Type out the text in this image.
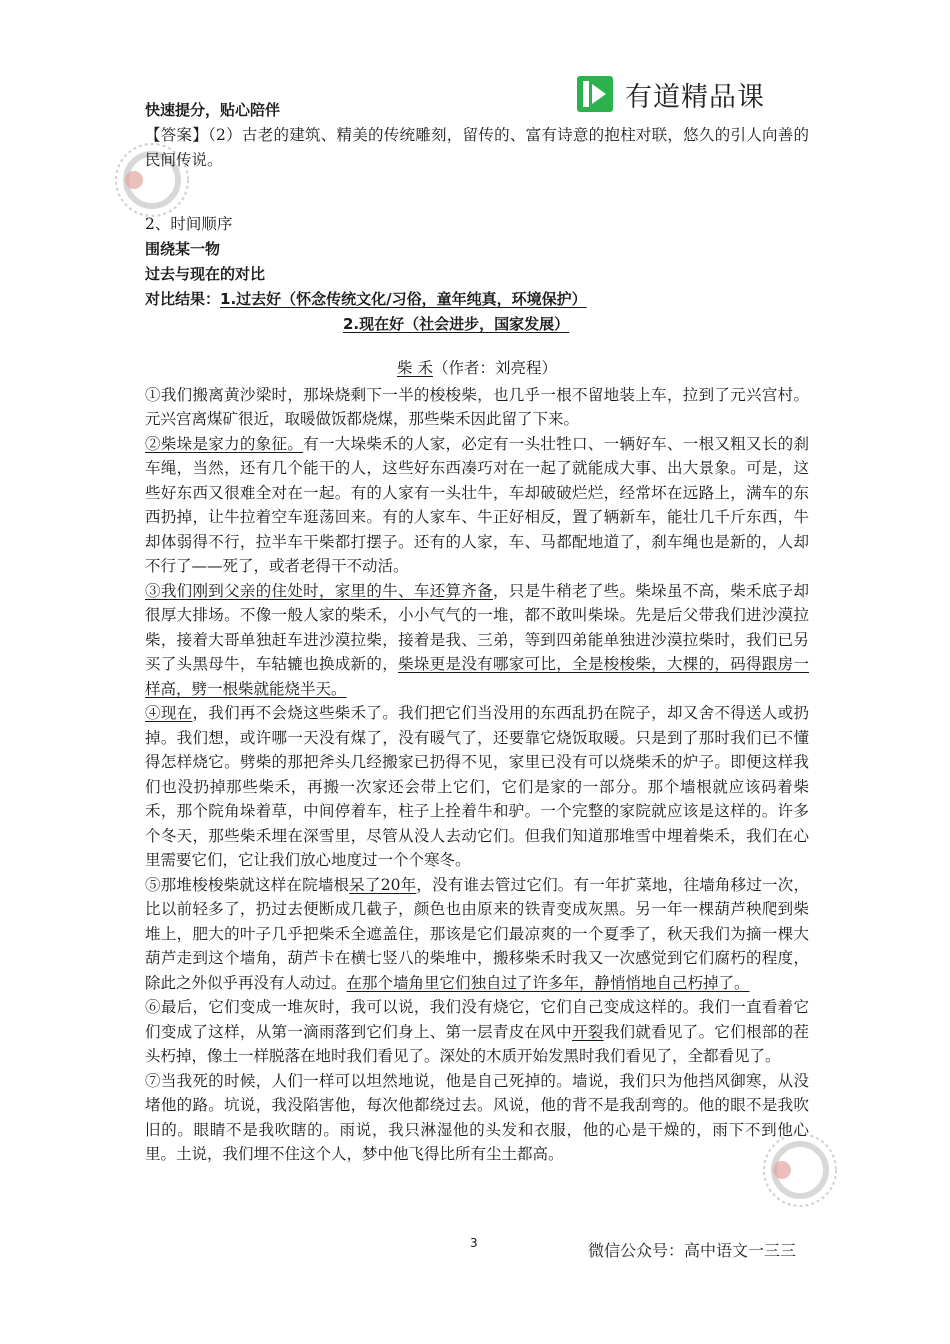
有道精品课

快速提分，贴心陪伴

【答案】（2）古老的建筑、精美的传统雕刻，留传的、富有诗意的抱柱对联，悠久的引人向善的民间传说。

2、时间顺序

围绕某一物

过去与现在的对比

对比结果：1.过去好（怀念传统文化/习俗，童年纯真，环境保护）

2.现在好（社会进步，国家发展）

柴 禾（作者：刘亮程）

①我们搬离黄沙梁时，那垛烧剩下一半的梭梭柴，也几乎一根不留地装上车，拉到了元兴宫村。元兴宫离煤矿很近，取暖做饭都烧煤，那些柴禾因此留了下来。

②柴垛是家力的象征。有一大垛柴禾的人家，必定有一头壮牲口、一辆好车、一根又粗又长的刹车绳，当然，还有几个能干的人，这些好东西凑巧对在一起了就能成大事、出大景象。可是，这些好东西又很难全对在一起。有的人家有一头壮牛，车却破破烂烂，经常坏在远路上，满车的东西扔掉，让牛拉着空车逛荡回来。有的人家车、牛正好相反，置了辆新车，能壮几千斤东西，牛却体弱得不行，拉半车干柴都打摆子。还有的人家，车、马都配地道了，刹车绳也是新的，人却不行了——死了，或者老得干不动活。

③我们刚到父亲的住处时，家里的牛、车还算齐备，只是牛稍老了些。柴垛虽不高，柴禾底子却很厚大排场。不像一般人家的柴禾，小小气气的一堆，都不敢叫柴垛。先是后父带我们进沙漠拉柴，接着大哥单独赶车进沙漠拉柴，接着是我、三弟，等到四弟能单独进沙漠拉柴时，我们已另买了头黑母牛，车轱辘也换成新的，柴垛更是没有哪家可比，全是梭梭柴，大棵的，码得跟房一样高，劈一根柴就能烧半天。

④现在，我们再不会烧这些柴禾了。我们把它们当没用的东西乱扔在院子，却又舍不得送人或扔掉。我们想，或许哪一天没有煤了，没有暖气了，还要靠它烧饭取暖。只是到了那时我们已不懂得怎样烧它。劈柴的那把斧头几经搬家已扔得不见，家里已没有可以烧柴禾的炉子。即便这样我们也没扔掉那些柴禾，再搬一次家还会带上它们，它们是家的一部分。那个墙根就应该码着柴禾，那个院角垛着草，中间停着车，柱子上拴着牛和驴。一个完整的家院就应该是这样的。许多个冬天，那些柴禾埋在深雪里，尽管从没人去动它们。但我们知道那堆雪中埋着柴禾，我们在心里需要它们，它让我们放心地度过一个个寒冬。

⑤那堆梭梭柴就这样在院墙根呆了20年，没有谁去管过它们。有一年扩菜地，往墙角移过一次，比以前轻多了，扔过去便断成几截子，颜色也由原来的铁青变成灰黑。另一年一棵葫芦秧爬到柴堆上，肥大的叶子几乎把柴禾全遮盖住，那该是它们最凉爽的一个夏季了，秋天我们为摘一棵大葫芦走到这个墙角，葫芦卡在横七竖八的柴堆中，搬移柴禾时我又一次感觉到它们腐朽的程度，除此之外似乎再没有人动过。在那个墙角里它们独自过了许多年，静悄悄地自己朽掉了。

⑥最后，它们变成一堆灰时，我可以说，我们没有烧它，它们自己变成这样的。我们一直看着它们变成了这样，从第一滴雨落到它们身上、第一层青皮在风中开裂我们就看见了。它们根部的茬头朽掉，像土一样脱落在地时我们看见了。深处的木质开始发黑时我们看见了，全都看见了。

⑦当我死的时候，人们一样可以坦然地说，他是自己死掉的。墙说，我们只为他挡风御寒，从没堵他的路。坑说，我没陷害他，每次他都绕过去。风说，他的背不是我刮弯的。他的眼不是我吹旧的。眼睛不是我吹瞎的。雨说，我只淋湿他的头发和衣服，他的心是干燥的，雨下不到他心里。土说，我们埋不住这个人，梦中他飞得比所有尘土都高。

3	微信公众号：高中语文一三三
